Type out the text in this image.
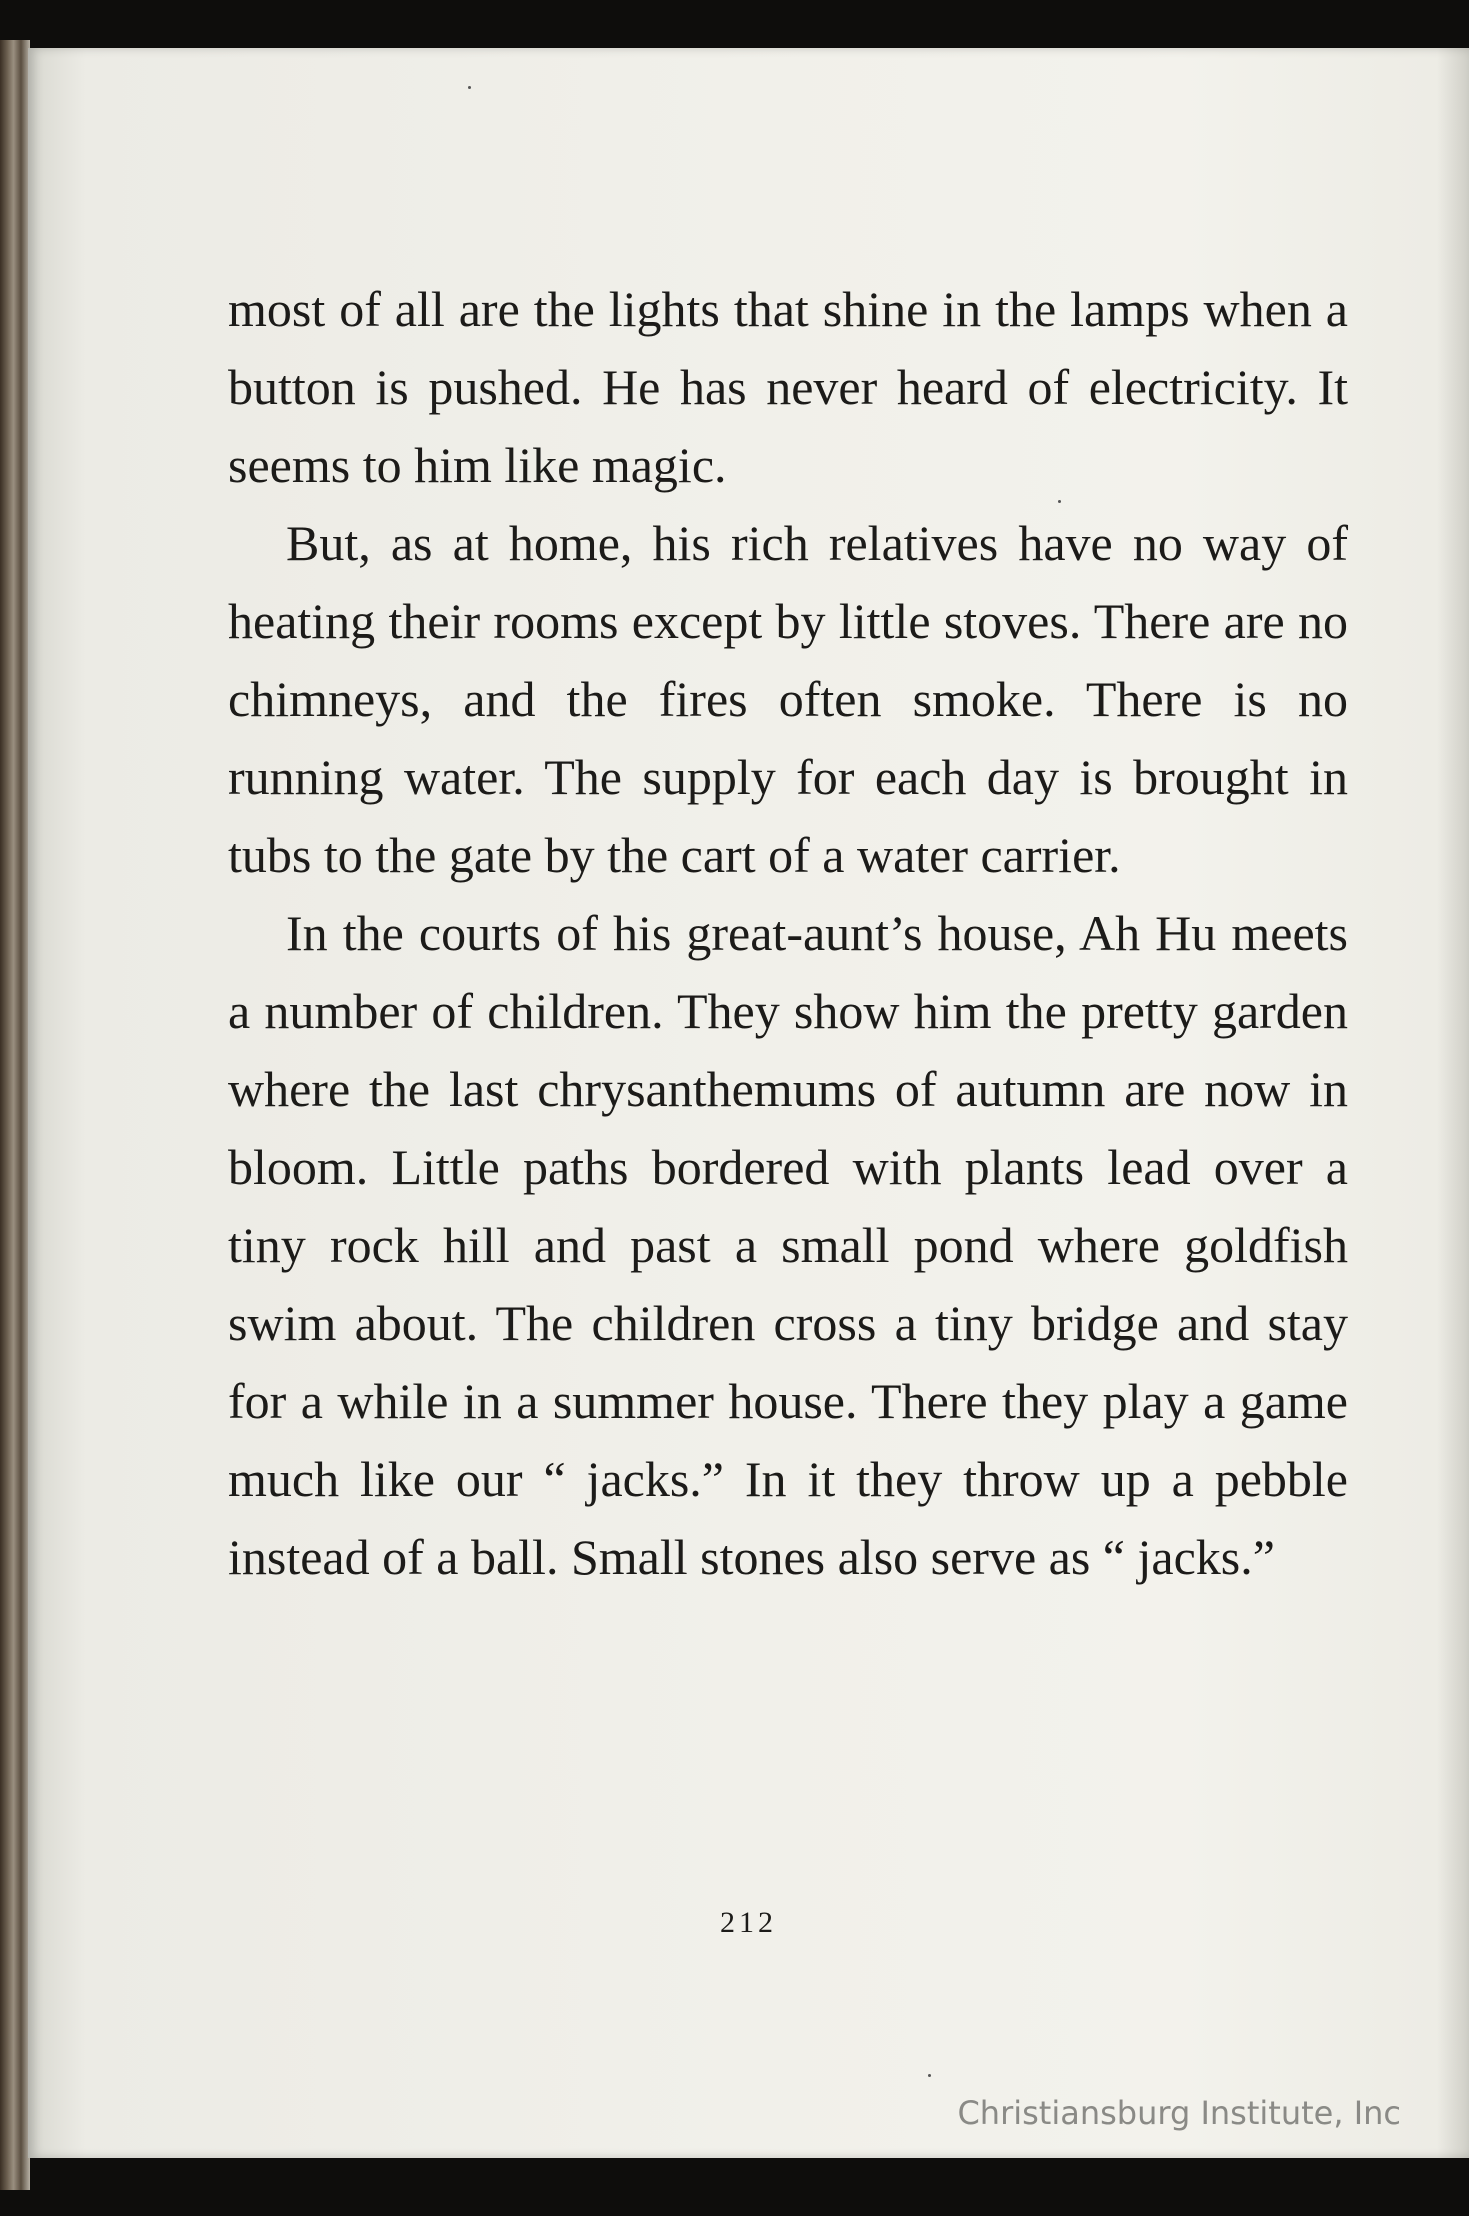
most of all are the lights that shine in the lamps when a button is pushed. He has never heard of electricity. It seems to him like magic.

But, as at home, his rich relatives have no way of heating their rooms except by little stoves. There are no chimneys, and the fires often smoke. There is no running water. The supply for each day is brought in tubs to the gate by the cart of a water carrier.

In the courts of his great-aunt’s house, Ah Hu meets a number of children. They show him the pretty garden where the last chrysanthemums of autumn are now in bloom. Little paths bordered with plants lead over a tiny rock hill and past a small pond where goldfish swim about. The children cross a tiny bridge and stay for a while in a summer house. There they play a game much like our “ jacks.” In it they throw up a pebble instead of a ball. Small stones also serve as “ jacks.”

212
Christiansburg Institute, Inc
